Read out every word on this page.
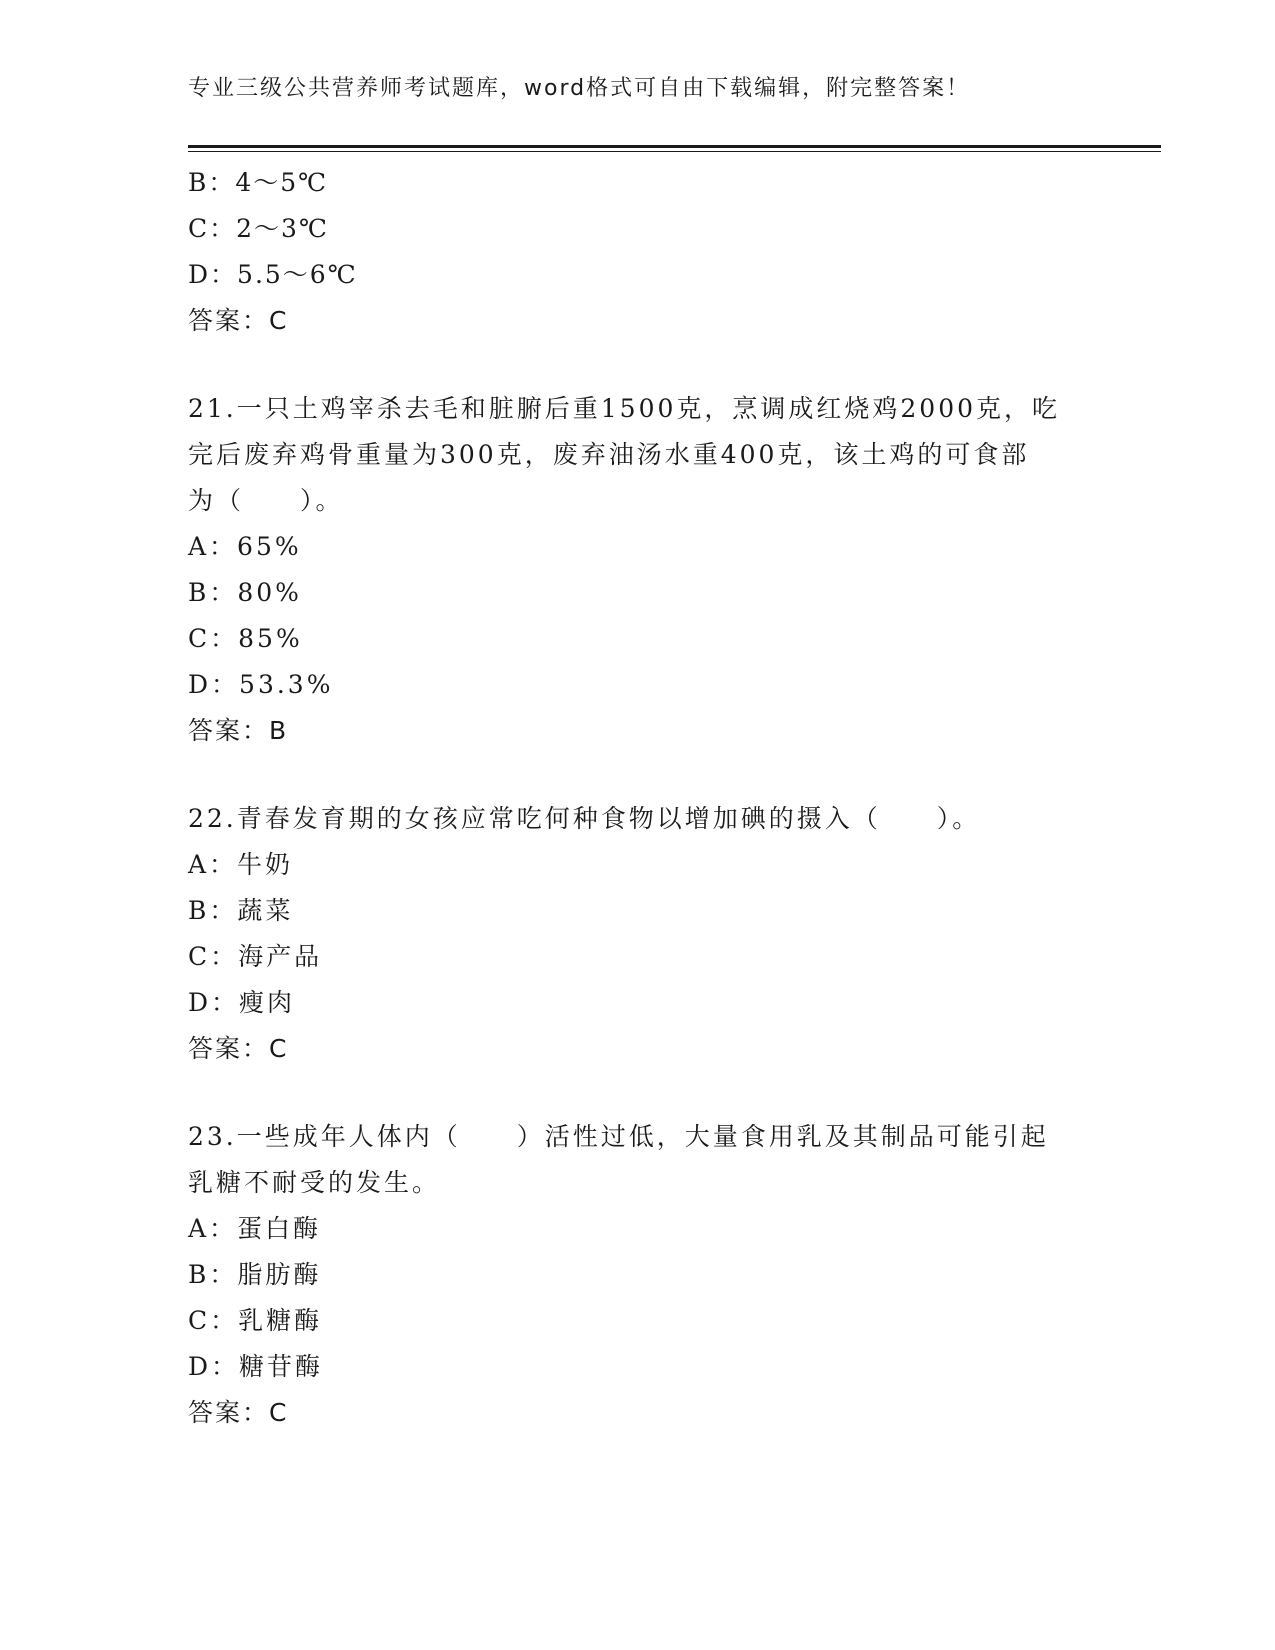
专业三级公共营养师考试题库，word格式可自由下载编辑，附完整答案！
B：4～5℃
C：2～3℃
D：5.5～6℃
答案：C
21.一只土鸡宰杀去毛和脏腑后重1500克，烹调成红烧鸡2000克，吃
完后废弃鸡骨重量为300克，废弃油汤水重400克，该土鸡的可食部
为（　　）。
A：65%
B：80%
C：85%
D：53.3%
答案：B
22.青春发育期的女孩应常吃何种食物以增加碘的摄入（　　）。
A：牛奶
B：蔬菜
C：海产品
D：瘦肉
答案：C
23.一些成年人体内（　　）活性过低，大量食用乳及其制品可能引起
乳糖不耐受的发生。
A：蛋白酶
B：脂肪酶
C：乳糖酶
D：糖苷酶
答案：C
